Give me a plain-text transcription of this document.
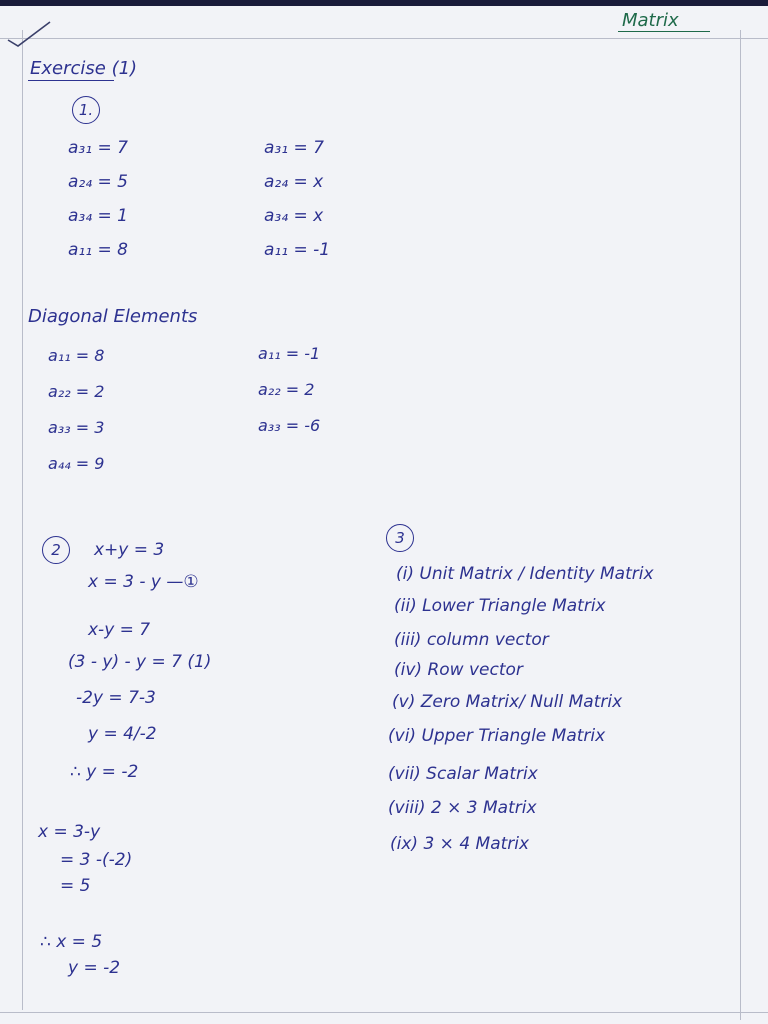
Matrix
Exercise (1)
1.
a₃₁ = 7
a₂₄ = 5
a₃₄ = 1
a₁₁ = 8
a₃₁ = 7
a₂₄ = x
a₃₄ = x
a₁₁ = -1
Diagonal Elements
a₁₁ = 8
a₂₂ = 2
a₃₃ = 3
a₄₄ = 9
a₁₁ = -1
a₂₂ = 2
a₃₃ = -6
2	x+y = 3
x = 3 - y —①
x-y = 7
(3 - y) - y = 7 (1)
-2y = 7-3
y = 4/-2
∴ y = -2
x = 3-y
= 3 -(-2)
= 5
∴ x = 5
y = -2
3
(i) Unit Matrix / Identity Matrix
(ii) Lower Triangle Matrix
(iii) column vector
(iv) Row vector
(v) Zero Matrix/ Null Matrix
(vi) Upper Triangle Matrix
(vii) Scalar Matrix
(viii) 2 × 3 Matrix
(ix) 3 × 4 Matrix
